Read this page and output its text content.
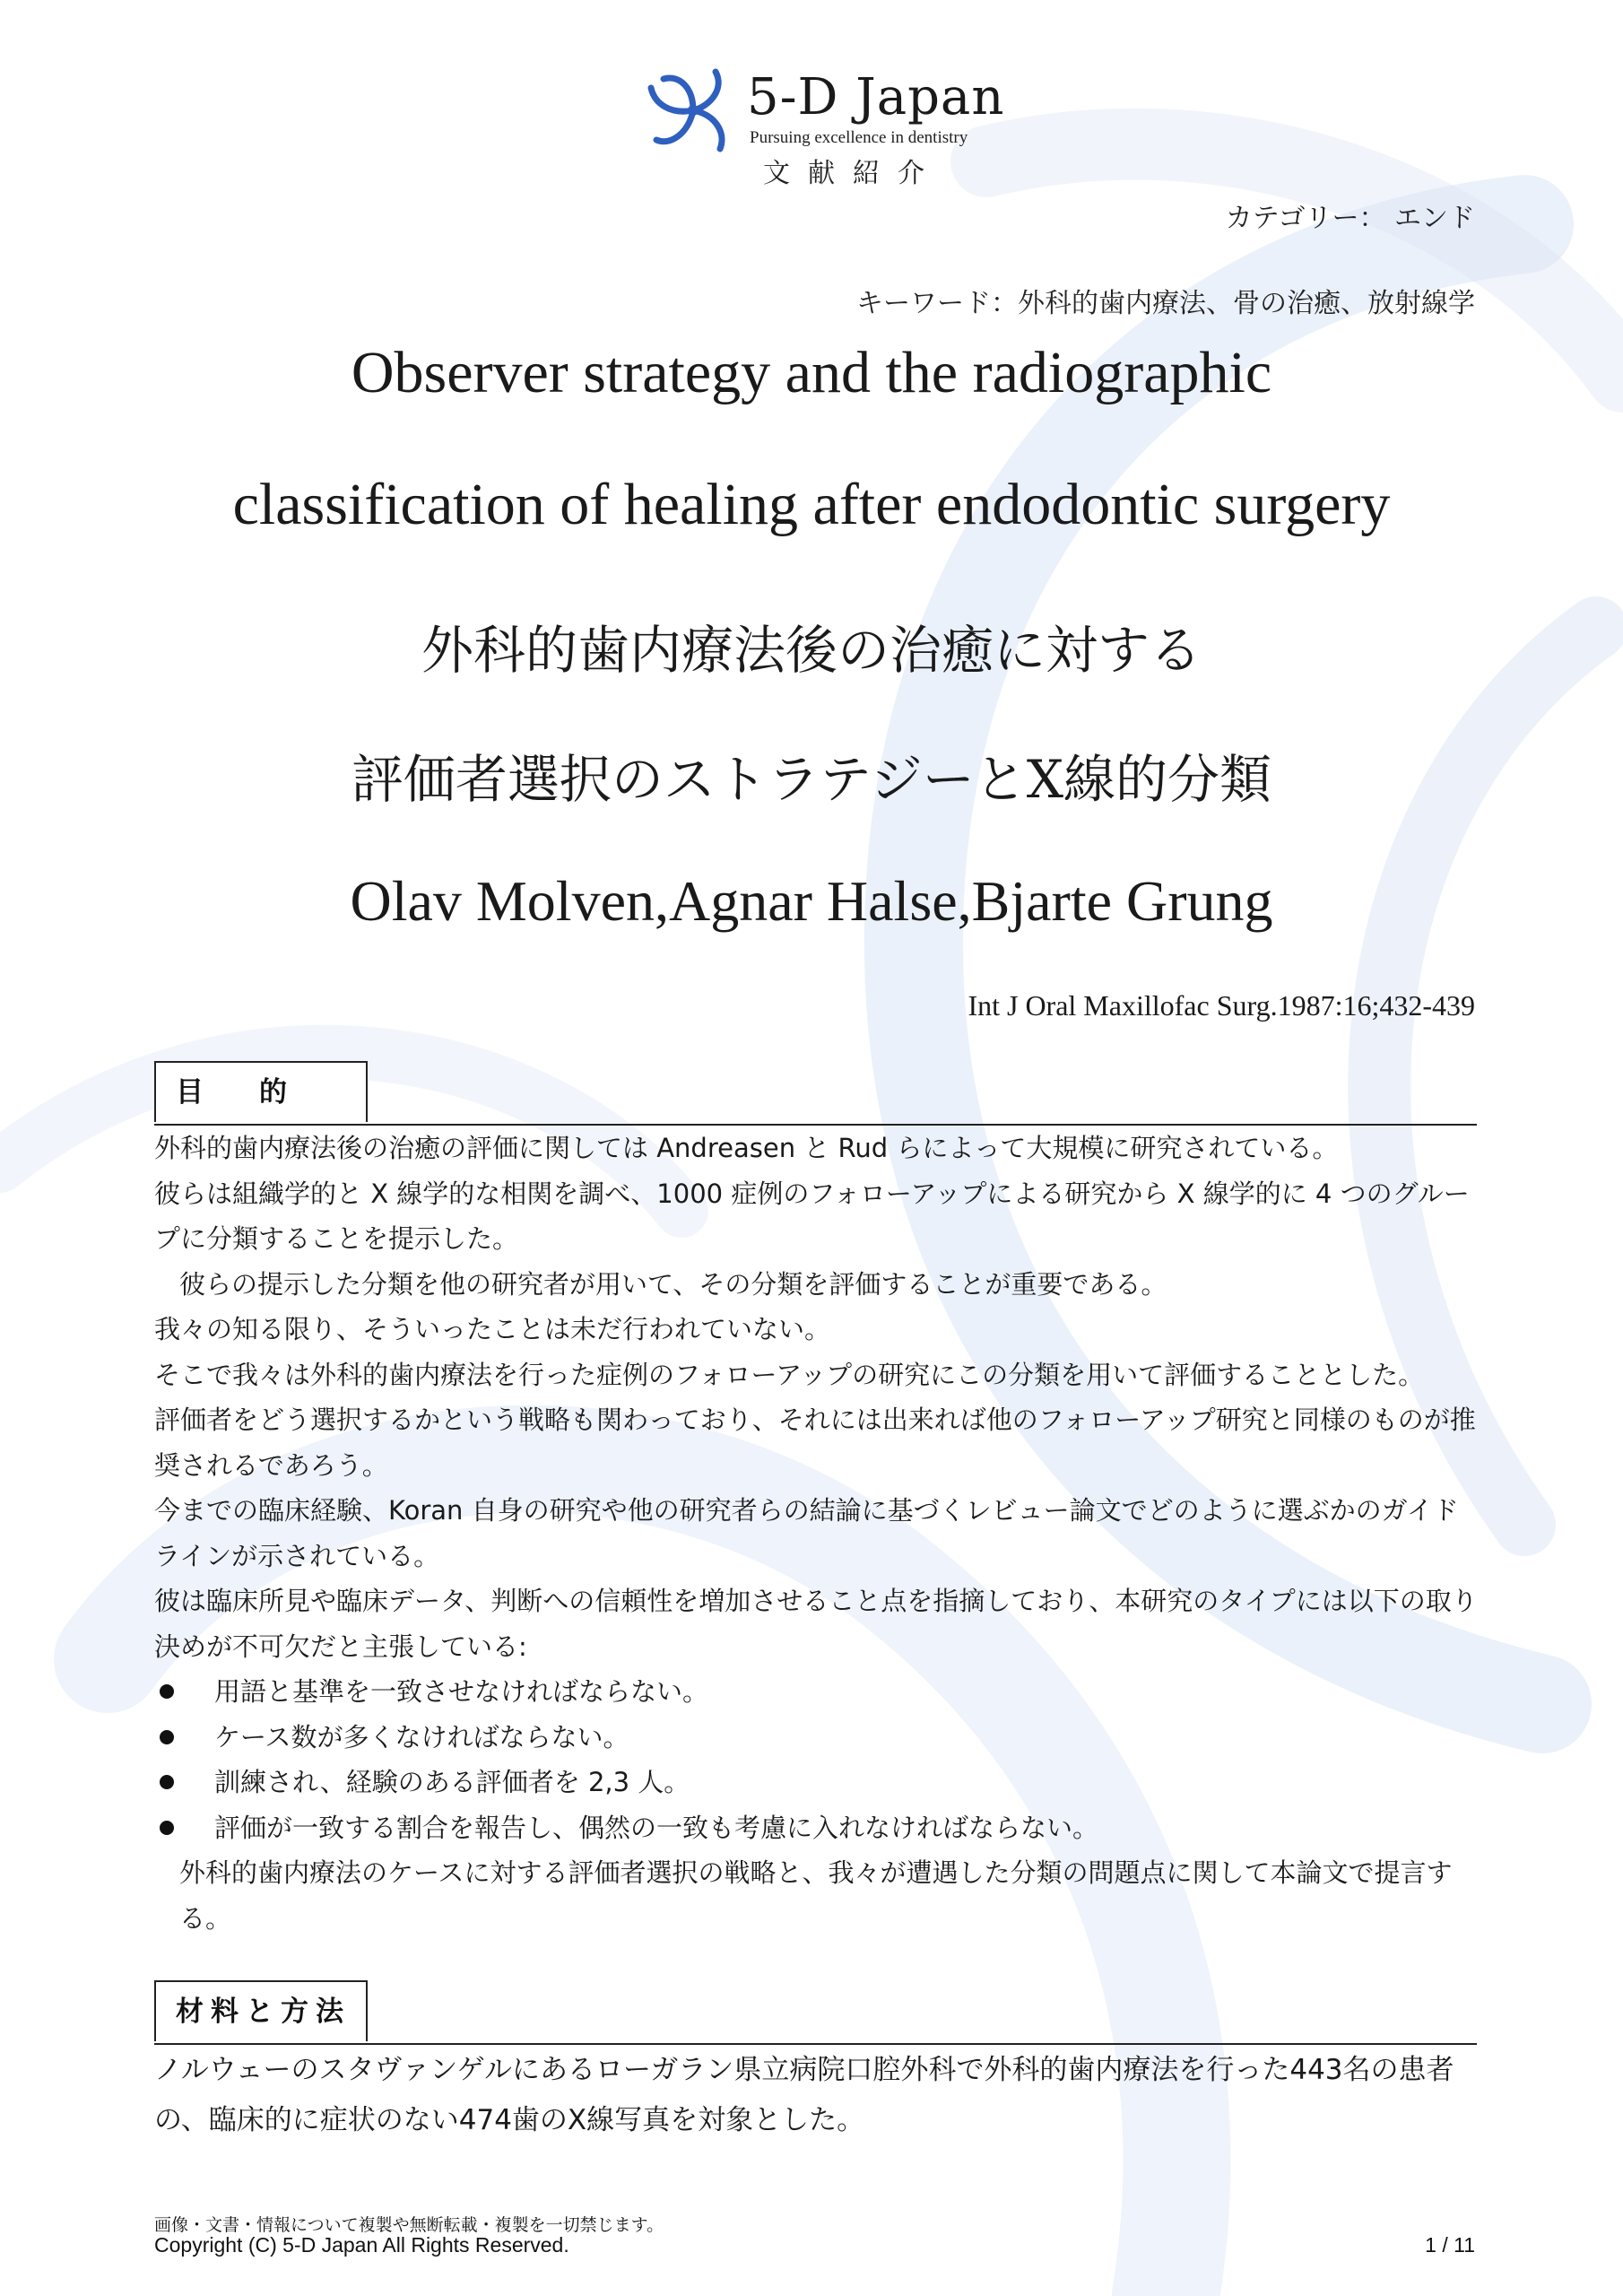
5-D Japan
Pursuing excellence in dentistry
文献紹介
カテゴリー： エンド
キーワード：外科的歯内療法、骨の治癒、放射線学
Observer strategy and the radiographic
classification of healing after endodontic surgery
外科的歯内療法後の治癒に対する
評価者選択のストラテジーとX線的分類
Olav Molven,Agnar Halse,Bjarte Grung
Int J Oral Maxillofac Surg.1987:16;432-439
目的

外科的歯内療法後の治癒の評価に関しては Andreasen と Rud らによって大規模に研究されている。

彼らは組織学的と X 線学的な相関を調べ、1000 症例のフォローアップによる研究から X 線学的に 4 つのグループに分類することを提示した。

彼らの提示した分類を他の研究者が用いて、その分類を評価することが重要である。

我々の知る限り、そういったことは未だ行われていない。

そこで我々は外科的歯内療法を行った症例のフォローアップの研究にこの分類を用いて評価することとした。

評価者をどう選択するかという戦略も関わっており、それには出来れば他のフォローアップ研究と同様のものが推奨されるであろう。

今までの臨床経験、Koran 自身の研究や他の研究者らの結論に基づくレビュー論文でどのように選ぶかのガイドラインが示されている。

彼は臨床所見や臨床データ、判断への信頼性を増加させること点を指摘しており、本研究のタイプには以下の取り決めが不可欠だと主張している:

用語と基準を一致させなければならない。

ケース数が多くなければならない。

訓練され、経験のある評価者を 2,3 人。

評価が一致する割合を報告し、偶然の一致も考慮に入れなければならない。

外科的歯内療法のケースに対する評価者選択の戦略と、我々が遭遇した分類の問題点に関して本論文で提言する。

材料と方法

ノルウェーのスタヴァンゲルにあるローガラン県立病院口腔外科で外科的歯内療法を行った443名の患者の、臨床的に症状のない474歯のX線写真を対象とした。

画像・文書・情報について複製や無断転載・複製を一切禁じます。
Copyright (C) 5-D Japan All Rights Reserved.	1 / 11
